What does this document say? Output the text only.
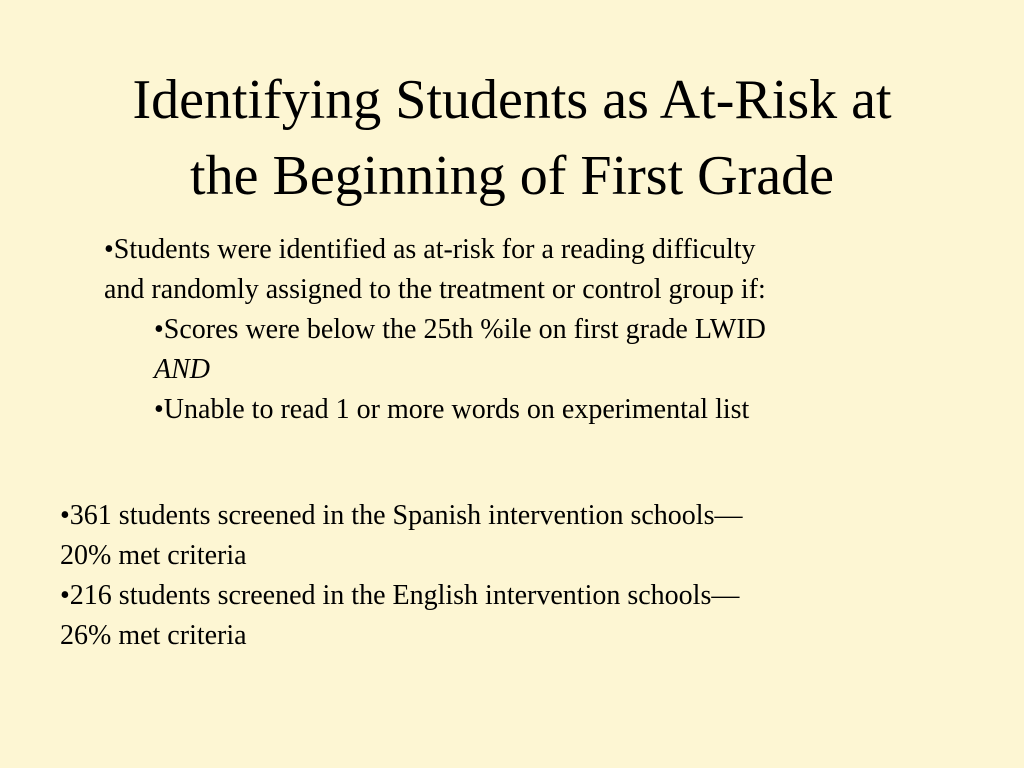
Identifying Students as At-Risk at
the Beginning of First Grade
•Students were identified as at-risk for a reading difficulty
and randomly assigned to the treatment or control group if:
•Scores were below the 25th %ile on first grade LWID
AND
•Unable to read 1 or more words on experimental list
•361 students screened in the Spanish intervention schools—
20% met criteria
•216 students screened in the English intervention schools—
26% met criteria
